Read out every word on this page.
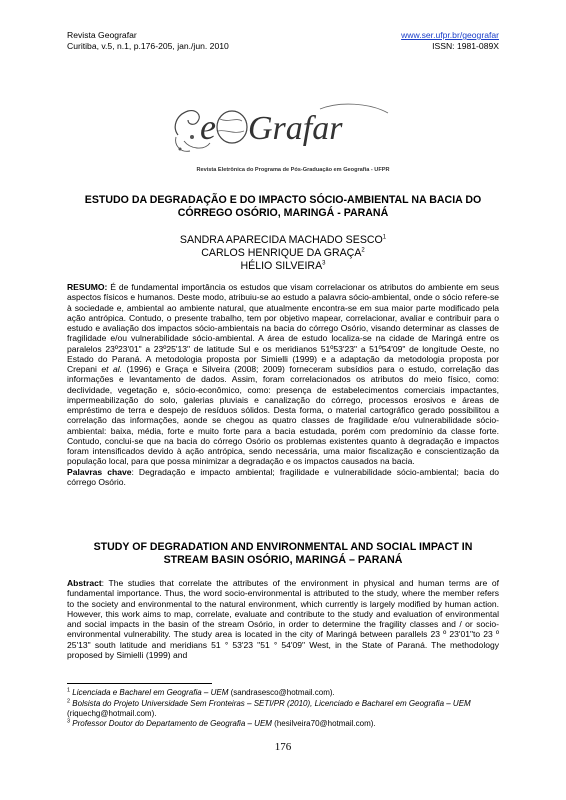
Revista Geografar	www.ser.ufpr.br/geografar
Curitiba, v.5, n.1, p.176-205, jan./jun. 2010	ISSN: 1981-089X
e Grafar
Revista Eletrônica do Programa de Pós-Graduação em Geografia - UFPR
ESTUDO DA DEGRADAÇÃO E DO IMPACTO SÓCIO-AMBIENTAL NA BACIA DO CÓRREGO OSÓRIO, MARINGÁ - PARANÁ
SANDRA APARECIDA MACHADO SESCO$^1$
CARLOS HENRIQUE DA GRAÇA$^2$
HÉLIO SILVEIRA$^3$
RESUMO: É de fundamental importância os estudos que visam correlacionar os atributos do ambiente em seus aspectos físicos e humanos. Deste modo, atribuiu-se ao estudo a palavra sócio-ambiental, onde o sócio refere-se à sociedade e, ambiental ao ambiente natural, que atualmente encontra-se em sua maior parte modificado pela ação antrópica. Contudo, o presente trabalho, tem por objetivo mapear, correlacionar, avaliar e contribuir para o estudo e avaliação dos impactos sócio-ambientais na bacia do córrego Osório, visando determinar as classes de fragilidade e/ou vulnerabilidade sócio-ambiental. A área de estudo localiza-se na cidade de Maringá entre os paralelos 23º23'01" a 23º25'13" de latitude Sul e os meridianos 51º53'23" a 51º54'09" de longitude Oeste, no Estado do Paraná. A metodologia proposta por Simielli (1999) e a adaptação da metodologia proposta por Crepani et al. (1996) e Graça e Silveira (2008; 2009) forneceram subsídios para o estudo, correlação das informações e levantamento de dados. Assim, foram correlacionados os atributos do meio físico, como: declividade, vegetação e, sócio-econômico, como: presença de estabelecimentos comerciais impactantes, impermeabilização do solo, galerias pluviais e canalização do córrego, processos erosivos e áreas de empréstimo de terra e despejo de resíduos sólidos. Desta forma, o material cartográfico gerado possibilitou a correlação das informações, aonde se chegou as quatro classes de fragilidade e/ou vulnerabilidade sócio-ambiental: baixa, média, forte e muito forte para a bacia estudada, porém com predomínio da classe forte. Contudo, conclui-se que na bacia do córrego Osório os problemas existentes quanto à degradação e impactos foram intensificados devido à ação antrópica, sendo necessária, uma maior fiscalização e conscientização da população local, para que possa minimizar a degradação e os impactos causados na bacia.
Palavras chave: Degradação e impacto ambiental; fragilidade e vulnerabilidade sócio-ambiental; bacia do córrego Osório.
STUDY OF DEGRADATION AND ENVIRONMENTAL AND SOCIAL IMPACT IN STREAM BASIN OSÓRIO, MARINGÁ – PARANÁ
Abstract: The studies that correlate the attributes of the environment in physical and human terms are of fundamental importance. Thus, the word socio-environmental is attributed to the study, where the member refers to the society and environmental to the natural environment, which currently is largely modified by human action. However, this work aims to map, correlate, evaluate and contribute to the study and evaluation of environmental and social impacts in the basin of the stream Osório, in order to determine the fragility classes and / or socio-environmental vulnerability. The study area is located in the city of Maringá between parallels 23 º 23'01"to 23 º 25'13" south latitude and meridians 51 ° 53'23 "51 ° 54'09" West, in the State of Paraná. The methodology proposed by Simielli (1999) and
$^1$ Licenciada e Bacharel em Geografia – UEM (sandrasesco@hotmail.com).
$^2$ Bolsista do Projeto Universidade Sem Fronteiras – SETI/PR (2010), Licenciado e Bacharel em Geografia – UEM (riquechg@hotmail.com).
$^3$ Professor Doutor do Departamento de Geografia – UEM (hesilveira70@hotmail.com).
176
